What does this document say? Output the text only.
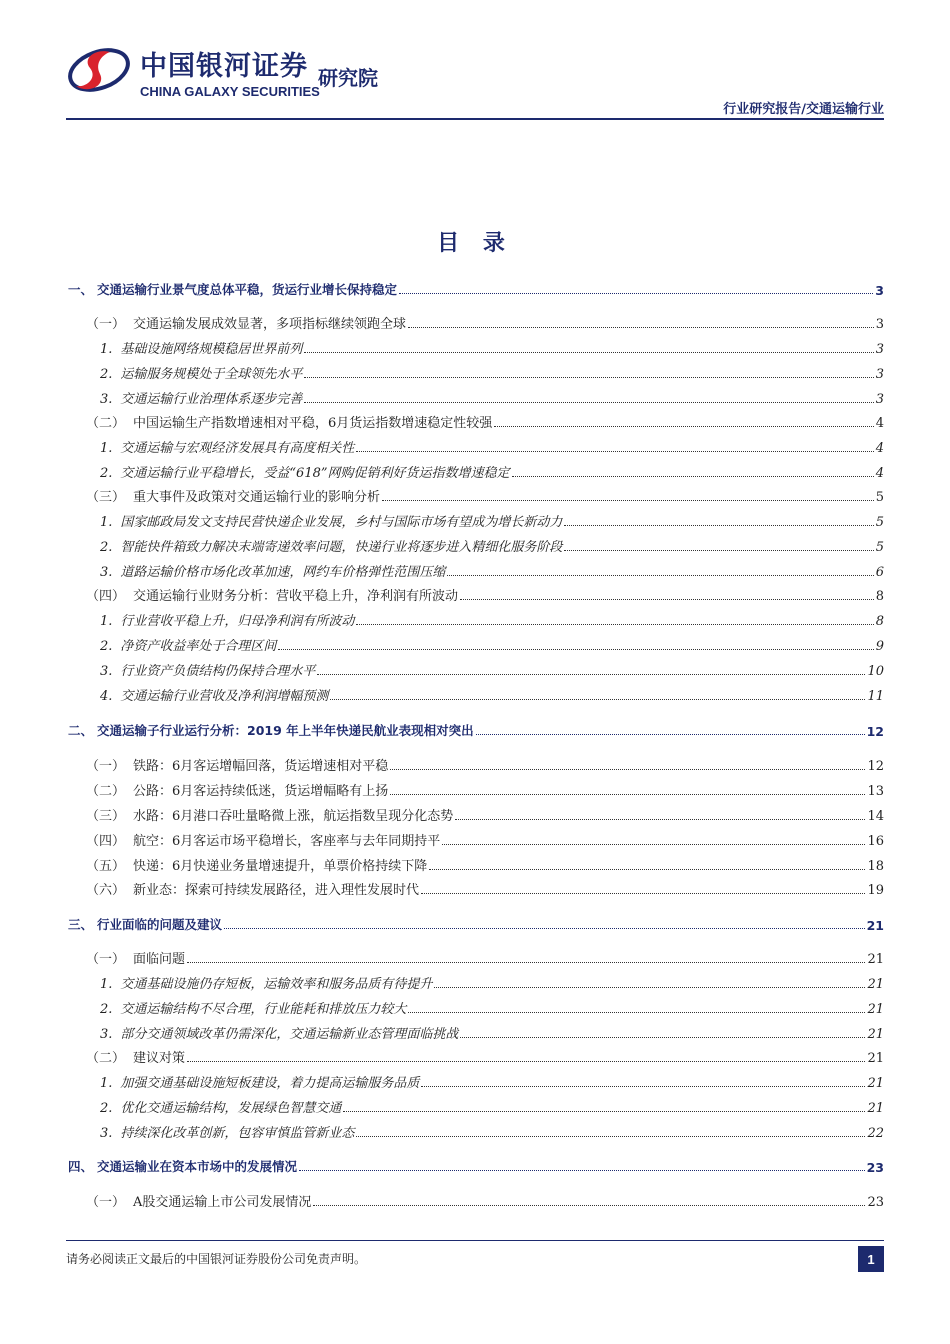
中国银河证券
CHINA GALAXY SECURITIES
研究院
行业研究报告/交通运输行业
目 录
一、 交通运输行业景气度总体平稳，货运行业增长保持稳定	3
（一） 交通运输发展成效显著，多项指标继续领跑全球	3
1. 基础设施网络规模稳居世界前列	3
2. 运输服务规模处于全球领先水平	3
3. 交通运输行业治理体系逐步完善	3
（二） 中国运输生产指数增速相对平稳，6月货运指数增速稳定性较强	4
1. 交通运输与宏观经济发展具有高度相关性	4
2. 交通运输行业平稳增长，受益“618”网购促销利好货运指数增速稳定	4
（三） 重大事件及政策对交通运输行业的影响分析	5
1. 国家邮政局发文支持民营快递企业发展，乡村与国际市场有望成为增长新动力	5
2. 智能快件箱致力解决末端寄递效率问题，快递行业将逐步进入精细化服务阶段	5
3. 道路运输价格市场化改革加速，网约车价格弹性范围压缩	6
（四） 交通运输行业财务分析：营收平稳上升，净利润有所波动	8
1. 行业营收平稳上升，归母净利润有所波动	8
2. 净资产收益率处于合理区间	9
3. 行业资产负债结构仍保持合理水平	10
4. 交通运输行业营收及净利润增幅预测	11
二、 交通运输子行业运行分析：2019 年上半年快递民航业表现相对突出	12
（一） 铁路：6月客运增幅回落，货运增速相对平稳	12
（二） 公路：6月客运持续低迷，货运增幅略有上扬	13
（三） 水路：6月港口吞吐量略微上涨，航运指数呈现分化态势	14
（四） 航空：6月客运市场平稳增长，客座率与去年同期持平	16
（五） 快递：6月快递业务量增速提升，单票价格持续下降	18
（六） 新业态：探索可持续发展路径，进入理性发展时代	19
三、 行业面临的问题及建议	21
（一） 面临问题	21
1. 交通基础设施仍存短板，运输效率和服务品质有待提升	21
2. 交通运输结构不尽合理，行业能耗和排放压力较大	21
3. 部分交通领域改革仍需深化，交通运输新业态管理面临挑战	21
（二） 建议对策	21
1. 加强交通基础设施短板建设，着力提高运输服务品质	21
2. 优化交通运输结构，发展绿色智慧交通	21
3. 持续深化改革创新，包容审慎监管新业态	22
四、 交通运输业在资本市场中的发展情况	23
（一） A股交通运输上市公司发展情况	23
请务必阅读正文最后的中国银河证券股份公司免责声明。	1
